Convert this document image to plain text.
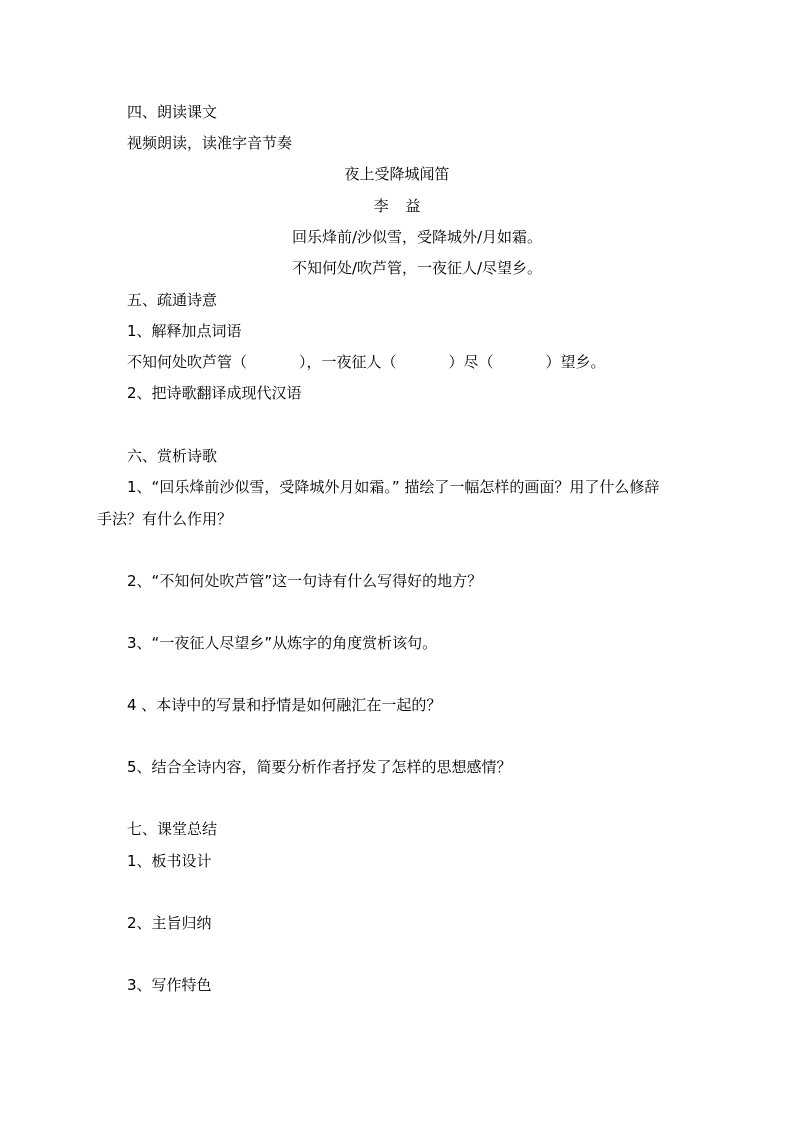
四、朗读课文
视频朗读，读准字音节奏
夜上受降城闻笛
李 益
回乐烽前/沙似雪，受降城外/月如霜。
不知何处/吹芦管，一夜征人/尽望乡。
五、疏通诗意
1、解释加点词语
不知何处吹芦管（	），一夜征人（	）尽（	）望乡。
2、把诗歌翻译成现代汉语
六、赏析诗歌
1、“回乐烽前沙似雪，受降城外月如霜。” 描绘了一幅怎样的画面？用了什么修辞
手法？有什么作用？
2、“不知何处吹芦管”这一句诗有什么写得好的地方？
3、“一夜征人尽望乡”从炼字的角度赏析该句。
4 、本诗中的写景和抒情是如何融汇在一起的？
5、结合全诗内容，简要分析作者抒发了怎样的思想感情？
七、课堂总结
1、板书设计
2、主旨归纳
3、写作特色
